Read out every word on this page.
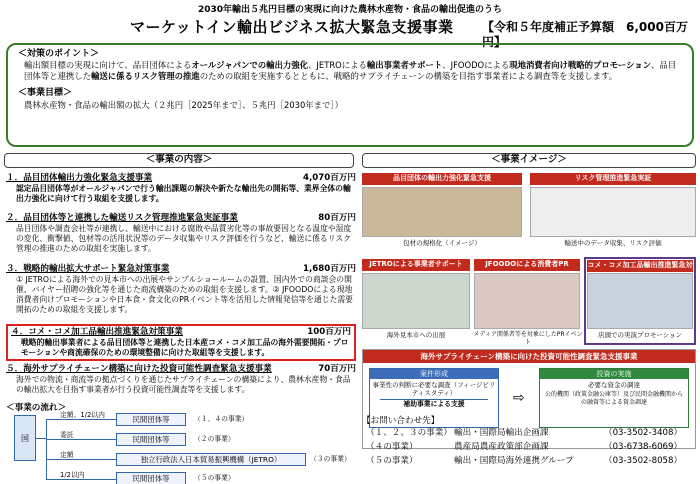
2030年輸出５兆円目標の実現に向けた農林水産物・食品の輸出促進のうち
マーケットイン輸出ビジネス拡大緊急支援事業 【令和５年度補正予算額　6,000百万円】
＜対策のポイント＞

輸出額目標の実現に向けて、品目団体によるオールジャパンでの輸出力強化、JETROによる輸出事業者サポート、JFOODOによる現地消費者向け戦略的プロモーション、品目団体等と連携した輸送に係るリスク管理の推進のための取組を実施するとともに、戦略的サプライチェーンの構築を目指す事業者による調査等を支援します。

＜事業目標＞

農林水産物・食品の輸出額の拡大（２兆円［2025年まで］、５兆円［2030年まで］）

＜事業の内容＞
１．品目団体輸出力強化緊急支援事業	4,070百万円
認定品目団体等がオールジャパンで行う輸出課題の解決や新たな輸出先の開拓等、業界全体の輸出力強化に向けて行う取組を支援します。
２．品目団体等と連携した輸送リスク管理推進緊急実証事業	80百万円
品目団体や調査会社等が連携し、輸送中における腐敗や品質劣化等の事故要因となる温度や湿度の変化、衝撃値、包材等の活用状況等のデータ収集やリスク評価を行うなど、輸送に係るリスク管理の推進のための取組を実施します。
３．戦略的輸出拡大サポート緊急対策事業	1,680百万円
① JETROによる海外での見本市への出展やサンプルショールームの設置、国内外での商談会の開催、バイヤー招聘の強化等を通じた商流構築のための取組を支援します。② JFOODOによる現地消費者向けプロモーションや日本食・食文化のPRイベント等を活用した情報発信等を通じた需要開拓のための取組を支援します。
４．コメ・コメ加工品輸出推進緊急対策事業	100百万円
戦略的輸出事業者による品目団体等と連携した日本産コメ・コメ加工品の海外需要開拓・プロモーションや商流確保のための環境整備に向けた取組等を支援します。
５．海外サプライチェーン構築に向けた投資可能性調査緊急支援事業	70百万円
海外での物流・商流等の拠点づくりを通じたサプライチェーンの構築により、農林水産物・食品の輸出拡大を目指す事業者が行う投資可能性調査等を支援します。
＜事業の流れ＞
国
定額、1/2以内	民間団体等	（１、４の事業）
委託	民間団体等	（２の事業）
定額	独立行政法人日本貿易振興機構（JETRO）	（３の事業）
1/2以内	民間団体等	（５の事業）
＜事業イメージ＞
品目団体の輸出力強化緊急支援
包材の規格化（イメージ）
リスク管理推進緊急実証
輸送中のデータ収集、リスク評価
JETROによる事業者サポート
海外見本市への出展
JFOODOによる消費者PR
メディア関係者等を対象にしたPRイベント
コメ・コメ加工品輸出推進緊急対
店頭での実演プロモーション
海外サプライチェーン構築に向けた投資可能性調査緊急支援事業
案件形成
事業性の判断に必要な調査（フィージビリティスタディ）
補助事業による支援	⇨
投資の実施
必要な資金の調達
公的機関（政策金融公庫等）及び民間金融機関からの融資等による資金調達
【お問い合わせ先】
（１、２、３の事業） 輸出・国際局輸出企画課	（03-3502-3408）
（４の事業）	農産局農産政策部企画課	（03-6738-6069）
（５の事業）	輸出・国際局海外連携グループ	（03-3502-8058）
